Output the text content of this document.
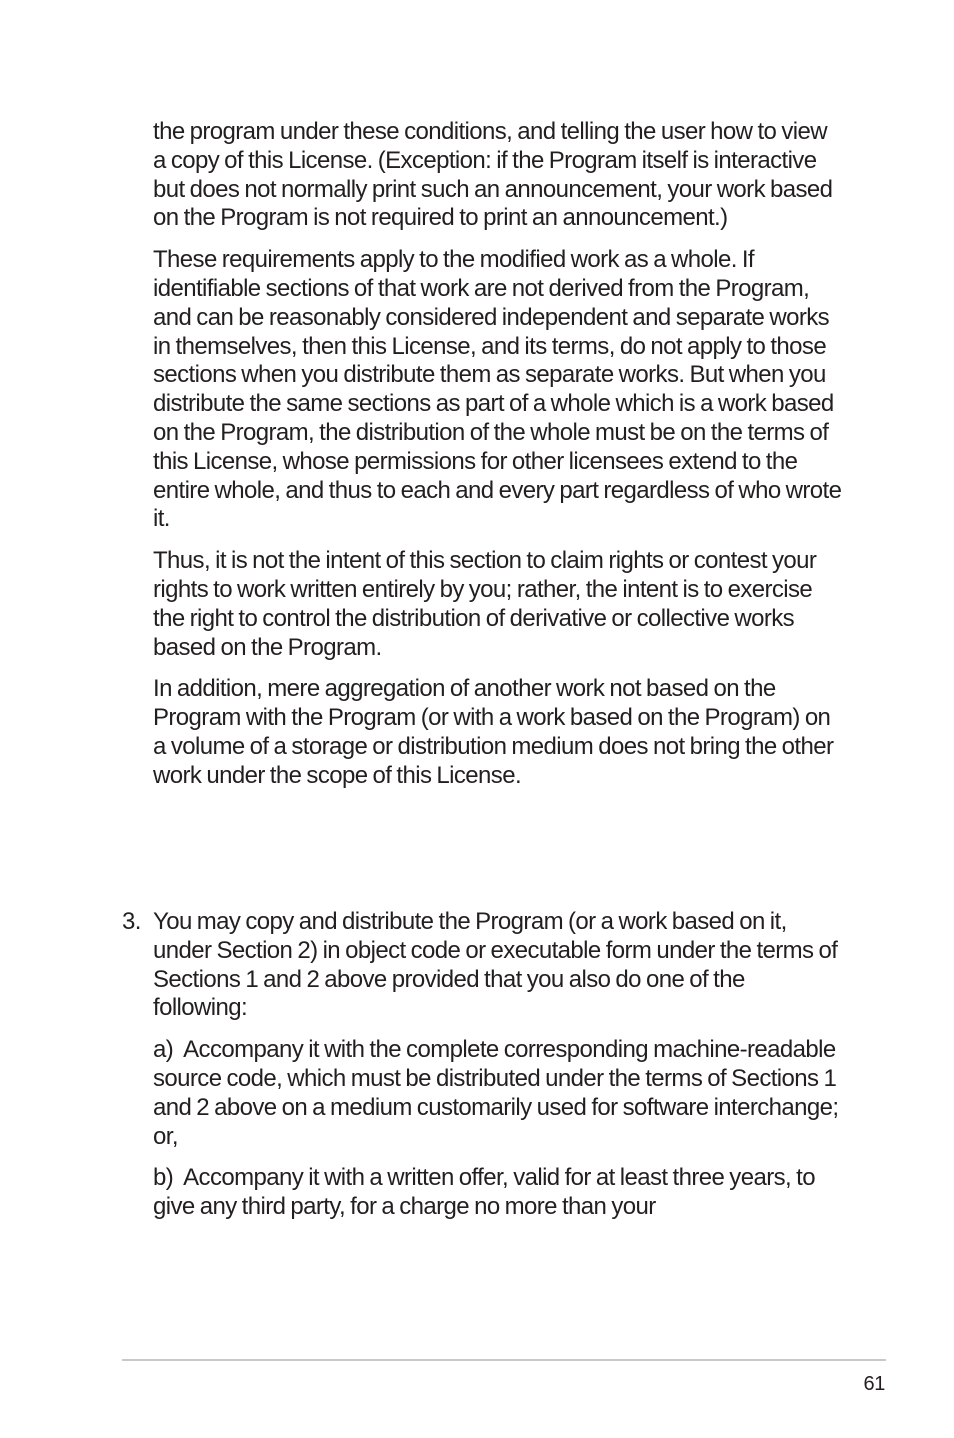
the program under these conditions, and telling the user how to view a copy of this License. (Exception: if the Program itself is interactive but does not normally print such an announcement, your work based on the Program is not required to print an announcement.)

These requirements apply to the modified work as a whole. If identifiable sections of that work are not derived from the Program, and can be reasonably considered independent and separate works in themselves, then this License, and its terms, do not apply to those sections when you distribute them as separate works. But when you distribute the same sections as part of a whole which is a work based on the Program, the distribution of the whole must be on the terms of this License, whose permissions for other licensees extend to the entire whole, and thus to each and every part regardless of who wrote it.

Thus, it is not the intent of this section to claim rights or contest your rights to work written entirely by you; rather, the intent is to exercise the right to control the distribution of derivative or collective works based on the Program.

In addition, mere aggregation of another work not based on the Program with the Program (or with a work based on the Program) on a volume of a storage or distribution medium does not bring the other work under the scope of this License.

3. You may copy and distribute the Program (or a work based on it, under Section 2) in object code or executable form under the terms of Sections 1 and 2 above provided that you also do one of the following:

a) Accompany it with the complete corresponding machine-readable source code, which must be distributed under the terms of Sections 1 and 2 above on a medium customarily used for software interchange; or,

b) Accompany it with a written offer, valid for at least three years, to give any third party, for a charge no more than your

61
